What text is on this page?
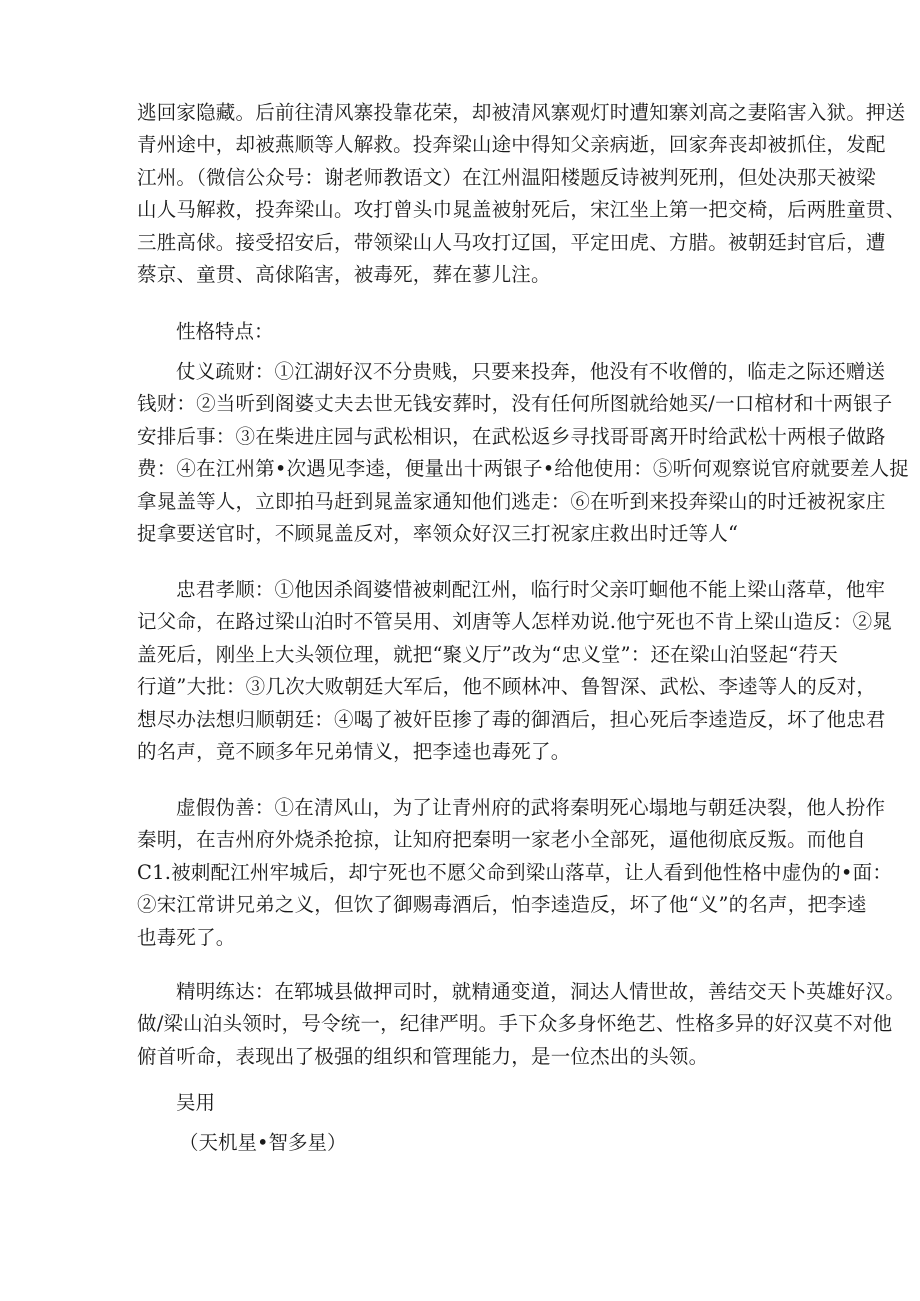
逃回家隐藏。后前往清风寨投靠花荣，却被清风寨观灯时遭知寨刘高之妻陷害入狱。押送
青州途中，却被燕顺等人解救。投奔梁山途中得知父亲病逝，回家奔丧却被抓住，发配
江州。（微信公众号：谢老师教语文）在江州温阳楼题反诗被判死刑，但处决那天被梁
山人马解救，投奔梁山。攻打曾头巾晁盖被射死后，宋江坐上第一把交椅，后两胜童贯、
三胜高俅。接受招安后，带领梁山人马攻打辽国，平定田虎、方腊。被朝廷封官后，遭
蔡京、童贯、高俅陷害，被毒死，葬在蓼儿注。

性格特点：

仗义疏财：①江湖好汉不分贵贱，只要来投奔，他没有不收僧的，临走之际还赠送
钱财：②当听到阁婆丈夫去世无钱安葬时，没有任何所图就给她买/一口棺材和十两银子
安排后事：③在柴进庄园与武松相识，在武松返乡寻找哥哥离开时给武松十两根子做路
费：④在江州第•次遇见李逵，便量出十两银子•给他使用：⑤听何观察说官府就要差人捉
拿晁盖等人，立即拍马赶到晁盖家通知他们逃走：⑥在听到来投奔梁山的时迁被祝家庄
捉拿要送官时，不顾晁盖反对，率领众好汉三打祝家庄救出时迁等人“
忠君孝顺：①他因杀阎婆惜被刺配江州，临行时父亲叮蛔他不能上梁山落草，他牢
记父命，在路过梁山泊时不管吴用、刘唐等人怎样劝说.他宁死也不肯上梁山造反：②晁
盖死后，刚坐上大头领位理，就把“聚义厅”改为“忠义堂”：还在梁山泊竖起“荇天
行道”大批：③几次大败朝廷大军后，他不顾林冲、鲁智深、武松、李逵等人的反对，
想尽办法想归顺朝廷：④喝了被奸臣掺了毒的御酒后，担心死后李逵造反，坏了他忠君
的名声，竟不顾多年兄弟情义，把李逵也毒死了。
虚假伪善：①在清风山，为了让青州府的武将秦明死心塌地与朝廷决裂，他人扮作
秦明，在吉州府外烧杀抢掠，让知府把秦明一家老小全部死，逼他彻底反叛。而他自
C1.被刺配江州牢城后，却宁死也不愿父命到梁山落草，让人看到他性格中虚伪的•面：
②宋江常讲兄弟之义，但饮了御赐毒酒后，怕李逵造反，坏了他“义”的名声，把李逵
也毒死了。
精明练达：在郓城县做押司时，就精通变道，洞达人情世故，善结交天卜英雄好汉。
做/梁山泊头领时，号令统一，纪律严明。手下众多身怀绝艺、性格多异的好汉莫不对他
俯首听命，表现出了极强的组织和管理能力，是一位杰出的头领。

吴用

（天机星•智多星）
